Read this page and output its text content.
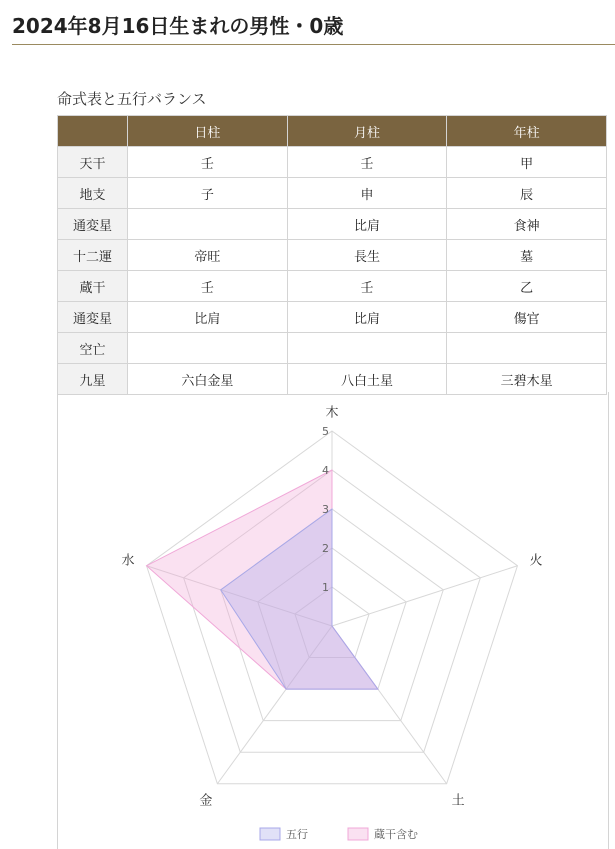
2024年8月16日生まれの男性・0歳
命式表と五行バランス
	日柱	月柱	年柱
天干	壬	壬	甲
地支	子	申	辰
通変星		比肩	食神
十二運	帝旺	長生	墓
蔵干	壬	壬	乙
通変星	比肩	比肩	傷官
空亡			
九星	六白金星	八白土星	三碧木星
1
2
3
4
5
木
火
土
金
水
五行	蔵干含む
